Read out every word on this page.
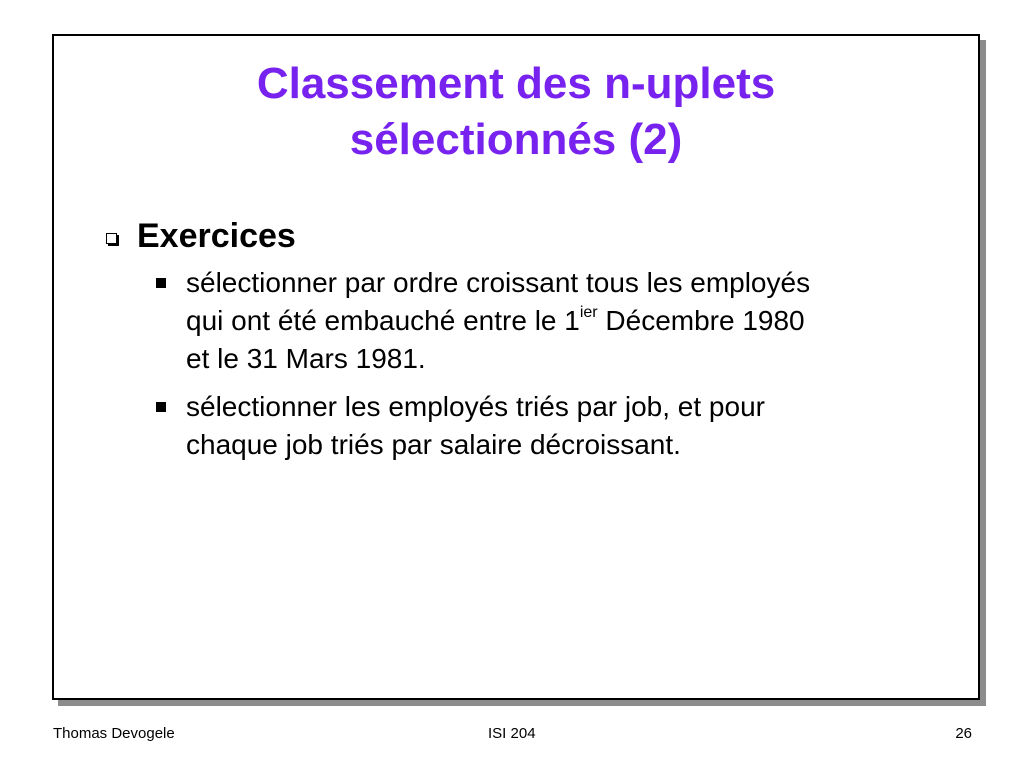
Classement des n-uplets
sélectionnés (2)
Exercices
sélectionner par ordre croissant tous les employés
qui ont été embauché entre le $1^{ier}$ Décembre 1980
et le 31 Mars 1981.
sélectionner les employés triés par job, et pour
chaque job triés par salaire décroissant.
Thomas Devogele	ISI 204	26
